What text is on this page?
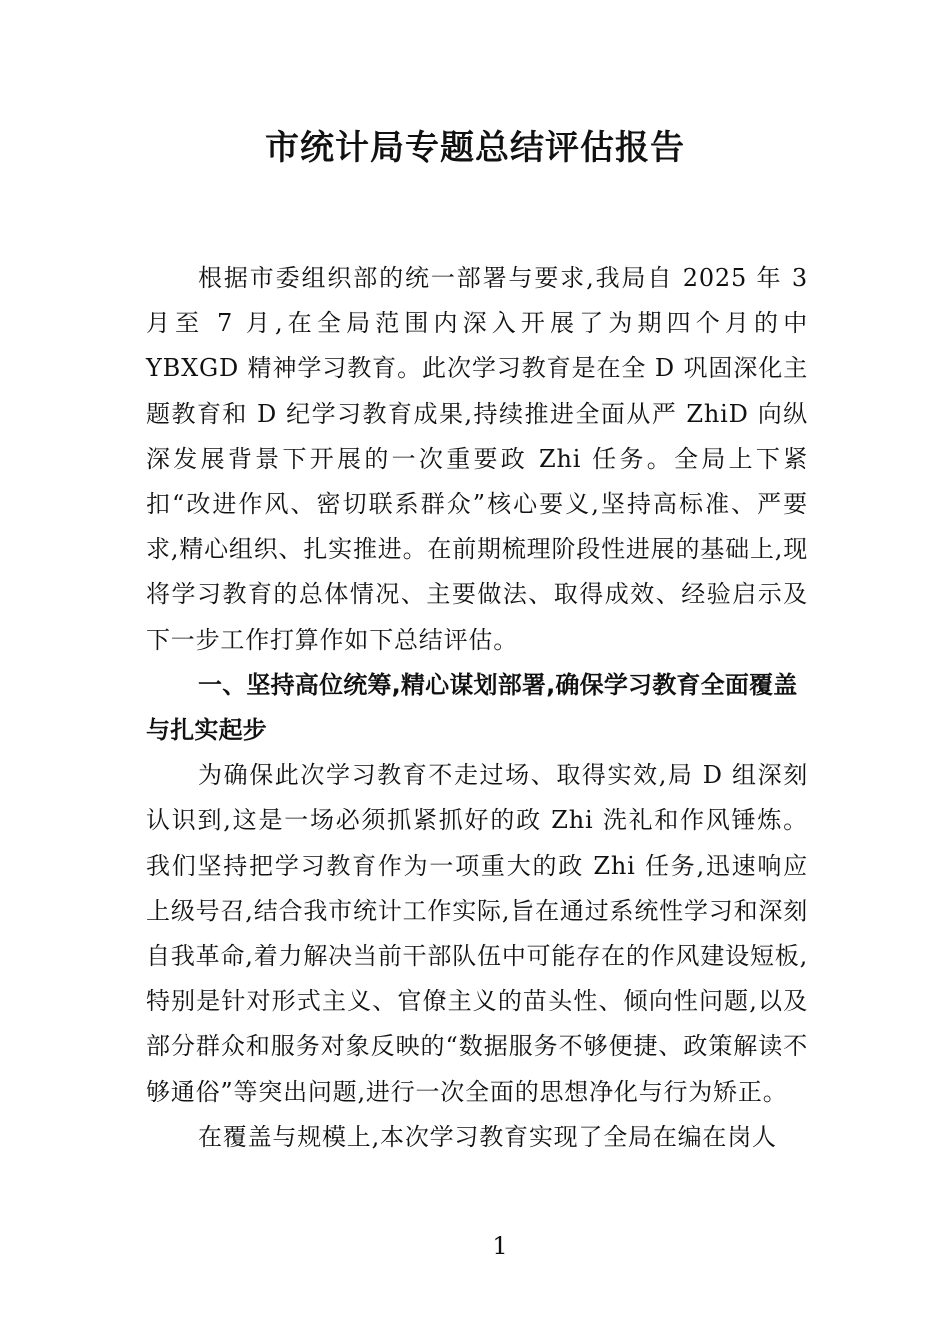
市统计局专题总结评估报告

根据市委组织部的统一部署与要求,我局自 2025 年 3 月至 7 月,在全局范围内深入开展了为期四个月的中 YBXGD 精神学习教育。此次学习教育是在全 D 巩固深化主题教育和 D 纪学习教育成果,持续推进全面从严 ZhiD 向纵深发展背景下开展的一次重要政 Zhi 任务。全局上下紧扣“改进作风、密切联系群众”核心要义,坚持高标准、严要求,精心组织、扎实推进。在前期梳理阶段性进展的基础上,现将学习教育的总体情况、主要做法、取得成效、经验启示及下一步工作打算作如下总结评估。

一、坚持高位统筹,精心谋划部署,确保学习教育全面覆盖与扎实起步

为确保此次学习教育不走过场、取得实效,局 D 组深刻认识到,这是一场必须抓紧抓好的政 Zhi 洗礼和作风锤炼。我们坚持把学习教育作为一项重大的政 Zhi 任务,迅速响应上级号召,结合我市统计工作实际,旨在通过系统性学习和深刻自我革命,着力解决当前干部队伍中可能存在的作风建设短板,特别是针对形式主义、官僚主义的苗头性、倾向性问题,以及部分群众和服务对象反映的“数据服务不够便捷、政策解读不够通俗”等突出问题,进行一次全面的思想净化与行为矫正。

在覆盖与规模上,本次学习教育实现了全局在编在岗人

1
